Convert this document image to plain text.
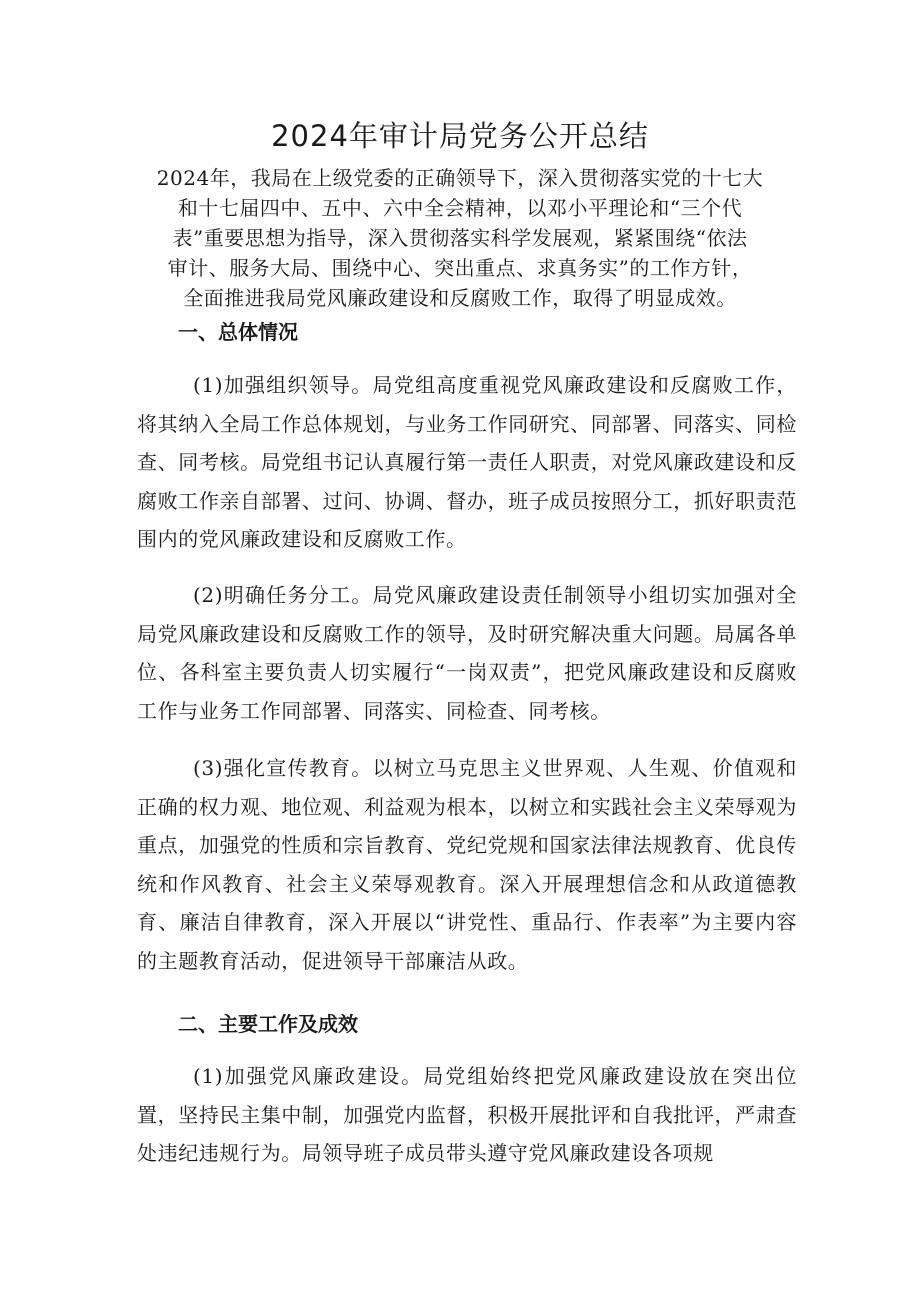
2024年审计局党务公开总结
2024年，我局在上级党委的正确领导下，深入贯彻落实党的十七大
和十七届四中、五中、六中全会精神，以邓小平理论和“三个代
表”重要思想为指导，深入贯彻落实科学发展观，紧紧围绕“依法
审计、服务大局、围绕中心、突出重点、求真务实”的工作方针，
全面推进我局党风廉政建设和反腐败工作，取得了明显成效。
一、总体情况

(1)加强组织领导。局党组高度重视党风廉政建设和反腐败工作，将其纳入全局工作总体规划，与业务工作同研究、同部署、同落实、同检查、同考核。局党组书记认真履行第一责任人职责，对党风廉政建设和反腐败工作亲自部署、过问、协调、督办，班子成员按照分工，抓好职责范围内的党风廉政建设和反腐败工作。

(2)明确任务分工。局党风廉政建设责任制领导小组切实加强对全局党风廉政建设和反腐败工作的领导，及时研究解决重大问题。局属各单位、各科室主要负责人切实履行“一岗双责”，把党风廉政建设和反腐败工作与业务工作同部署、同落实、同检查、同考核。

(3)强化宣传教育。以树立马克思主义世界观、人生观、价值观和正确的权力观、地位观、利益观为根本，以树立和实践社会主义荣辱观为重点，加强党的性质和宗旨教育、党纪党规和国家法律法规教育、优良传统和作风教育、社会主义荣辱观教育。深入开展理想信念和从政道德教育、廉洁自律教育，深入开展以“讲党性、重品行、作表率”为主要内容的主题教育活动，促进领导干部廉洁从政。

二、主要工作及成效

(1)加强党风廉政建设。局党组始终把党风廉政建设放在突出位置，坚持民主集中制，加强党内监督，积极开展批评和自我批评，严肃查处违纪违规行为。局领导班子成员带头遵守党风廉政建设各项规
